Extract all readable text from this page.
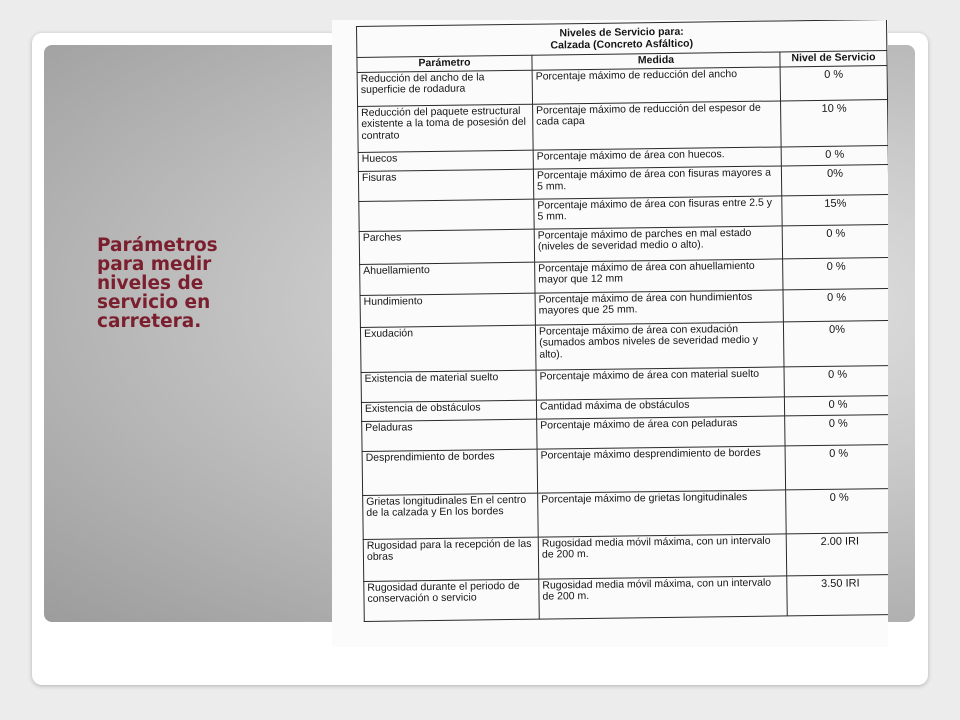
Parámetros
para medir
niveles de
servicio en
carretera.
Niveles de Servicio para:
Calzada (Concreto Asfáltico)		

Parámetro	Medida	Nivel de Servicio
Reducción del ancho de la superficie de rodadura	Porcentaje máximo de reducción del ancho	0 %
Reducción del paquete estructural existente a la toma de posesión del contrato	Porcentaje máximo de reducción del espesor de cada capa	10 %
Huecos	Porcentaje máximo de área con huecos.	0 %
Fisuras	Porcentaje máximo de área con fisuras mayores a 5 mm.	0%
	Porcentaje máximo de área con fisuras entre 2.5 y 5 mm.	15%
Parches	Porcentaje máximo de parches en mal estado (niveles de severidad medio o alto).	0 %
Ahuellamiento	Porcentaje máximo de área con ahuellamiento mayor que 12 mm	0 %
Hundimiento	Porcentaje máximo de área con hundimientos mayores que 25 mm.	0 %
Exudación	Porcentaje máximo de área con exudación (sumados ambos niveles de severidad medio y alto).	0%
Existencia de material suelto	Porcentaje máximo de área con material suelto	0 %
Existencia de obstáculos	Cantidad máxima de obstáculos	0 %
Peladuras	Porcentaje máximo de área con peladuras	0 %
Desprendimiento de bordes	Porcentaje máximo desprendimiento de bordes	0 %
Grietas longitudinales En el centro de la calzada y En los bordes	Porcentaje máximo de grietas longitudinales	0 %
Rugosidad para la recepción de las obras	Rugosidad media móvil máxima, con un intervalo de 200 m.	2.00 IRI
Rugosidad durante el periodo de conservación o servicio	Rugosidad media móvil máxima, con un intervalo de 200 m.	3.50 IRI
